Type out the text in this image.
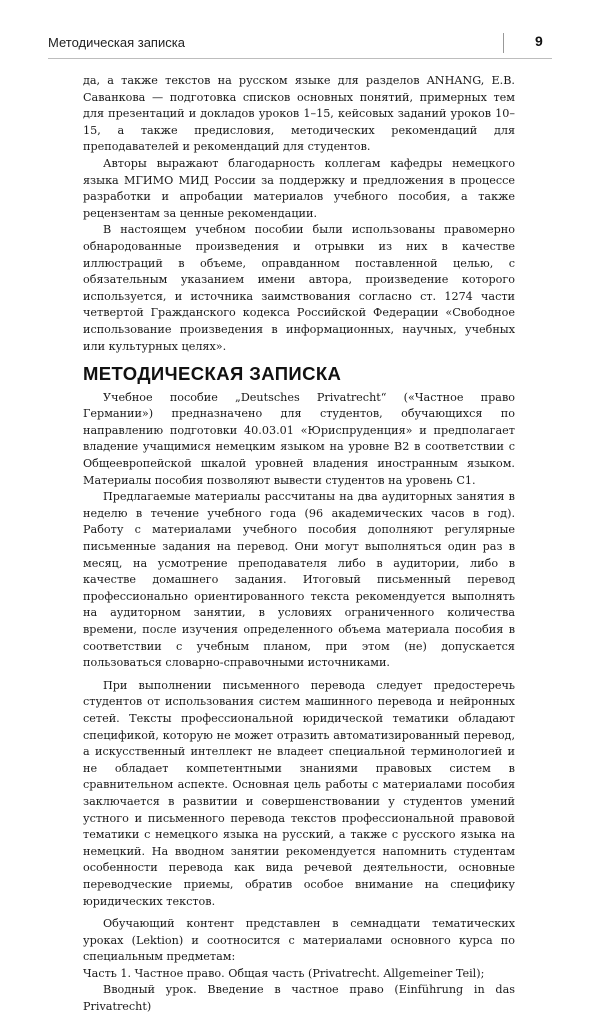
Методическая записка	9

да, а также текстов на русском языке для разделов ANHANG, Е.В. Саванкова — подготовка списков основных понятий, примерных тем для презентаций и докладов уроков 1–15, кейсовых заданий уроков 10–15, а также предисловия, методических рекомендаций для преподавателей и рекомендаций для студентов.

Авторы выражают благодарность коллегам кафедры немецкого языка МГИМО МИД России за поддержку и предложения в процессе разработки и апробации материалов учебного пособия, а также рецензентам за ценные рекомендации.

В настоящем учебном пособии были использованы правомерно обнародованные произведения и отрывки из них в качестве иллюстраций в объеме, оправданном поставленной целью, с обязательным указанием имени автора, произведение которого используется, и источника заимствования согласно ст. 1274 части четвертой Гражданского кодекса Российской Федерации «Свободное использование произведения в информационных, научных, учебных или культурных целях».

МЕТОДИЧЕСКАЯ ЗАПИСКА

Учебное пособие „Deutsches Privatrecht“ («Частное право Германии») предназначено для студентов, обучающихся по направлению подготовки 40.03.01 «Юриспруденция» и предполагает владение учащимися немецким языком на уровне B2 в соответствии с Общеевропейской шкалой уровней владения иностранным языком. Материалы пособия позволяют вывести студентов на уровень C1.

Предлагаемые материалы рассчитаны на два аудиторных занятия в неделю в течение учебного года (96 академических часов в год). Работу с материалами учебного пособия дополняют регулярные письменные задания на перевод. Они могут выполняться один раз в месяц, на усмотрение преподавателя либо в аудитории, либо в качестве домашнего задания. Итоговый письменный перевод профессионально ориентированного текста рекомендуется выполнять на аудиторном занятии, в условиях ограниченного количества времени, после изучения определенного объема материала пособия в соответствии с учебным планом, при этом (не) допускается пользоваться словарно-справочными источниками.

При выполнении письменного перевода следует предостеречь студентов от использования систем машинного перевода и нейронных сетей. Тексты профессиональной юридической тематики обладают спецификой, которую не может отразить автоматизированный перевод, а искусственный интеллект не владеет специальной терминологией и не обладает компетентными знаниями правовых систем в сравнительном аспекте. Основная цель работы с материалами пособия заключается в развитии и совершенствовании у студентов умений устного и письменного перевода текстов профессиональной правовой тематики с немецкого языка на русский, а также с русского языка на немецкий. На вводном занятии рекомендуется напомнить студентам особенности перевода как вида речевой деятельности, основные переводческие приемы, обратив особое внимание на специфику юридических текстов.

Обучающий контент представлен в семнадцати тематических уроках (Lektion) и соотносится с материалами основного курса по специальным предметам:

Часть 1. Частное право. Общая часть (Privatrecht. Allgemeiner Teil);

Вводный урок. Введение в частное право (Einführung in das Privatrecht)
